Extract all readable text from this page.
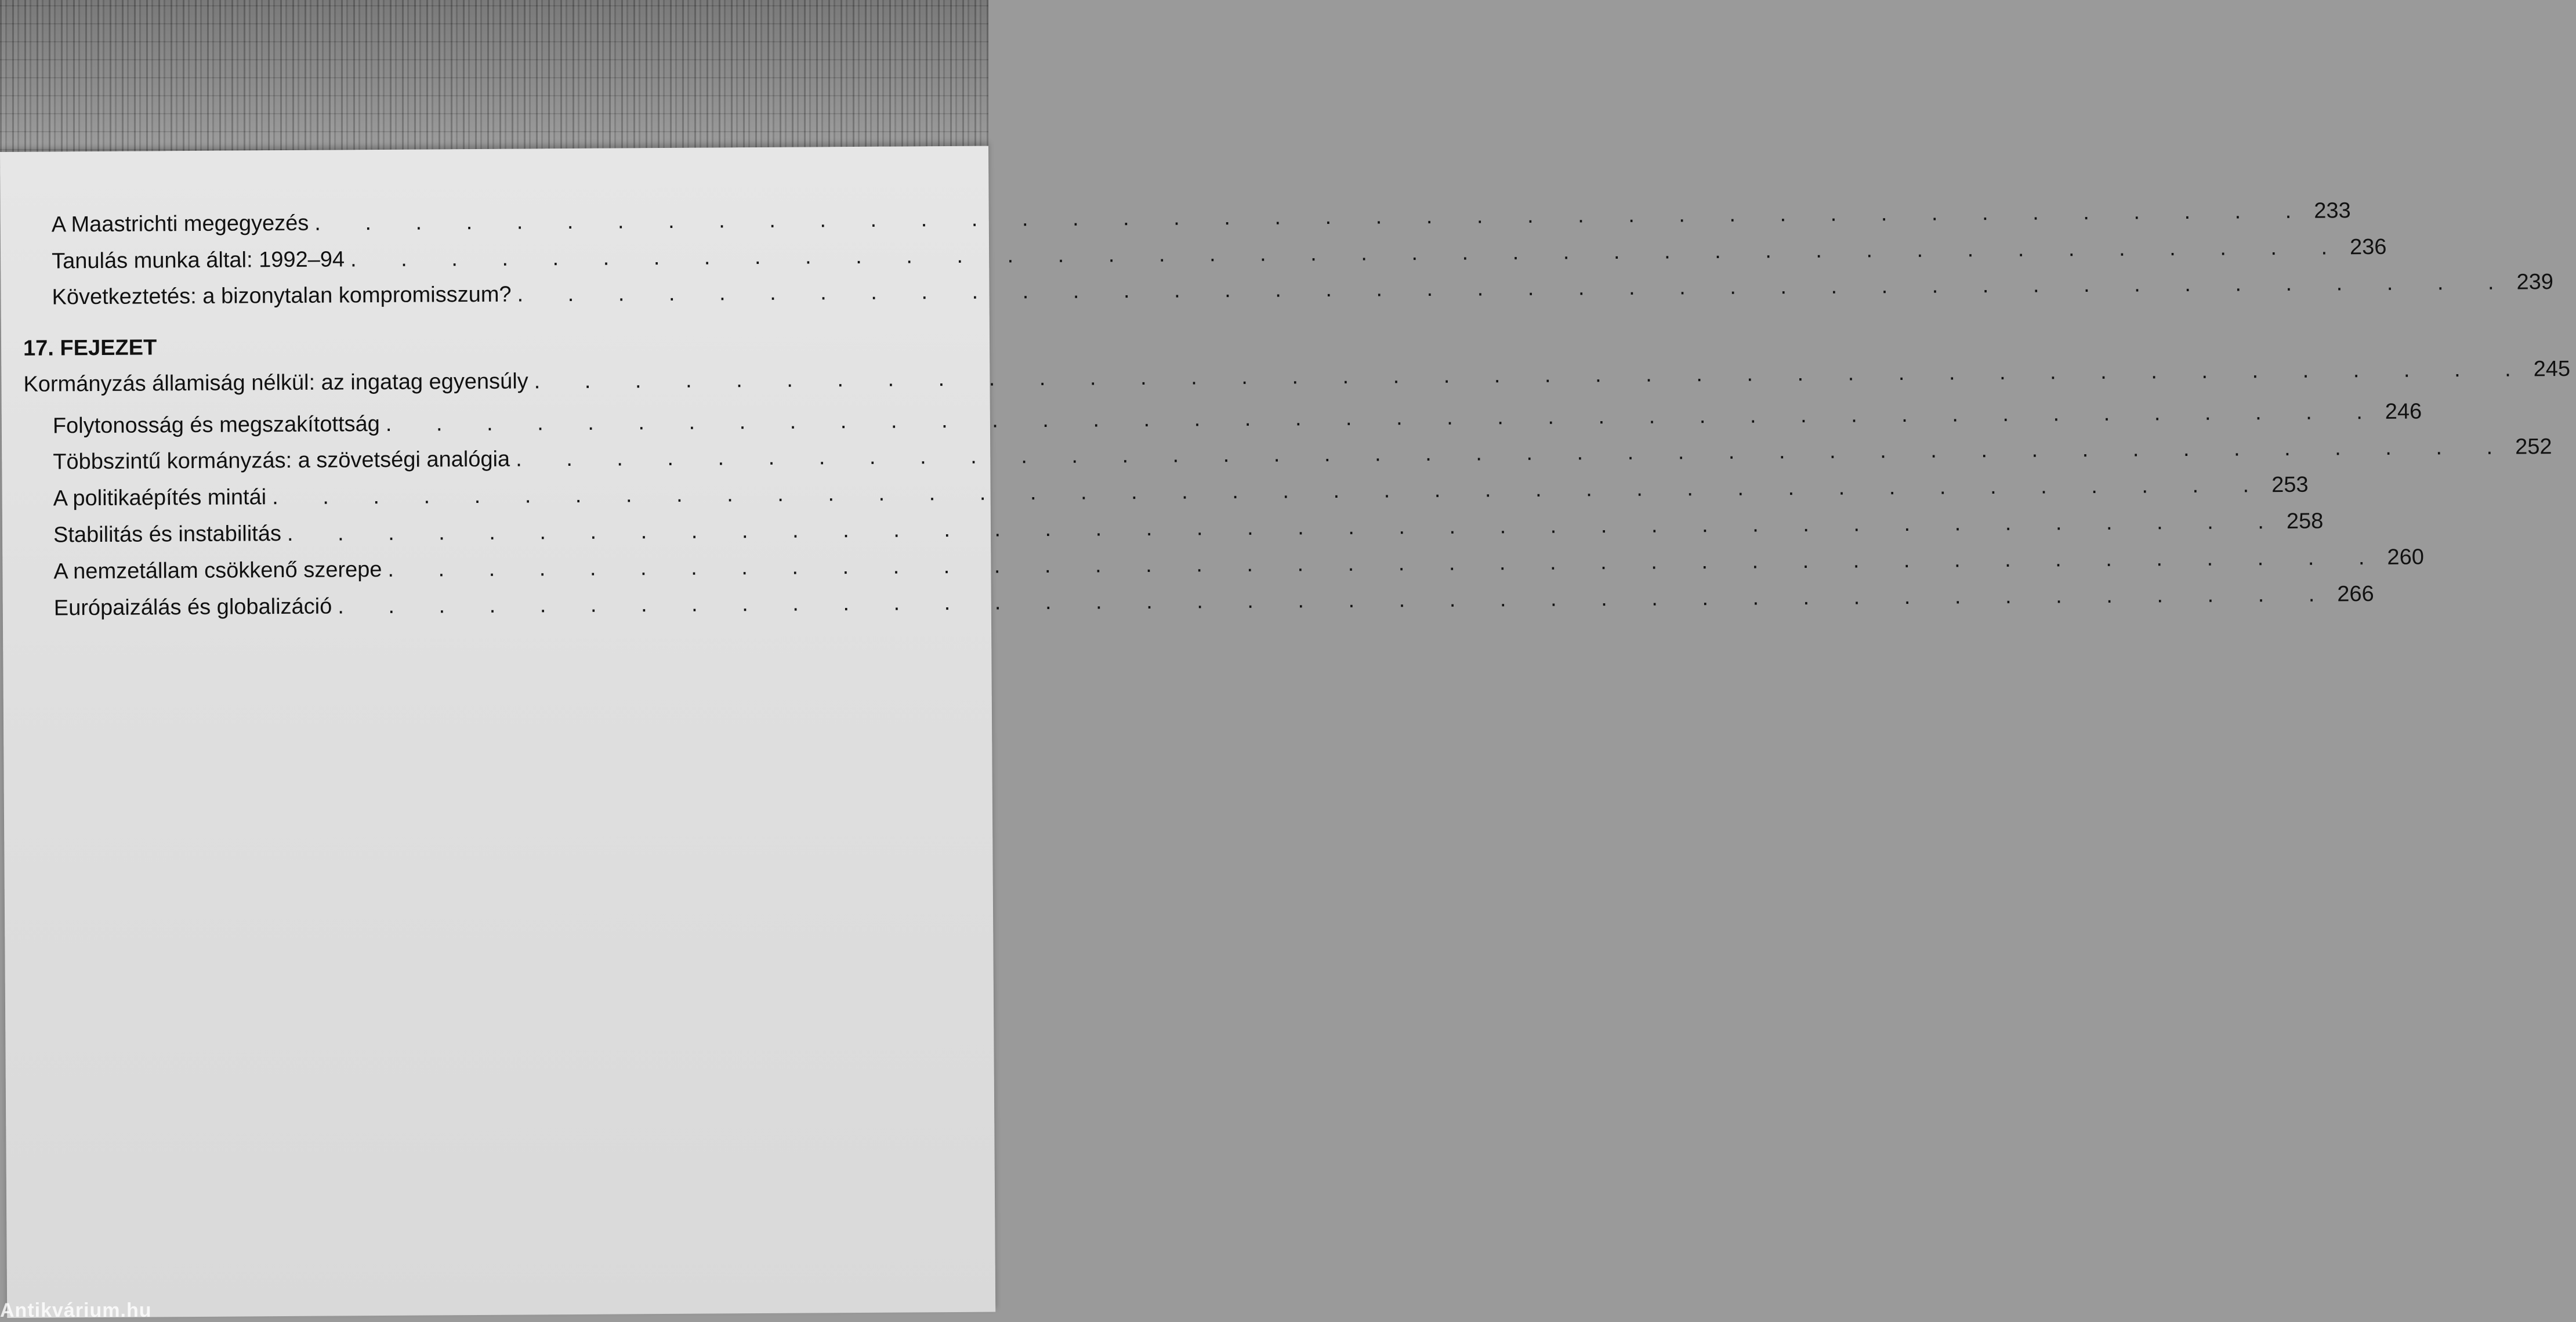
A Maastrichti megegyezés . . . . . . . . . . . . . . . . . . . . . . . . . . . . . . . . . . . . . . . . 233
Tanulás munka által: 1992–94 . . . . . . . . . . . . . . . . . . . . . . . . . . . . . . . . . . . . . . . . 236
Következtetés: a bizonytalan kompromisszum? . . . . . . . . . . . . . . . . . . . . . . . . . . . . . . . . . . . . . . . . 239
17. FEJEZET
Kormányzás államiság nélkül: az ingatag egyensúly . . . . . . . . . . . . . . . . . . . . . . . . . . . . . . . . . . . . . . . . 245
Folytonosság és megszakítottság . . . . . . . . . . . . . . . . . . . . . . . . . . . . . . . . . . . . . . . . 246
Többszintű kormányzás: a szövetségi analógia . . . . . . . . . . . . . . . . . . . . . . . . . . . . . . . . . . . . . . . . 252
A politikaépítés mintái . . . . . . . . . . . . . . . . . . . . . . . . . . . . . . . . . . . . . . . . 253
Stabilitás és instabilitás . . . . . . . . . . . . . . . . . . . . . . . . . . . . . . . . . . . . . . . . 258
A nemzetállam csökkenő szerepe . . . . . . . . . . . . . . . . . . . . . . . . . . . . . . . . . . . . . . . . 260
Európaizálás és globalizáció . . . . . . . . . . . . . . . . . . . . . . . . . . . . . . . . . . . . . . . . 266
Antikvárium.hu
